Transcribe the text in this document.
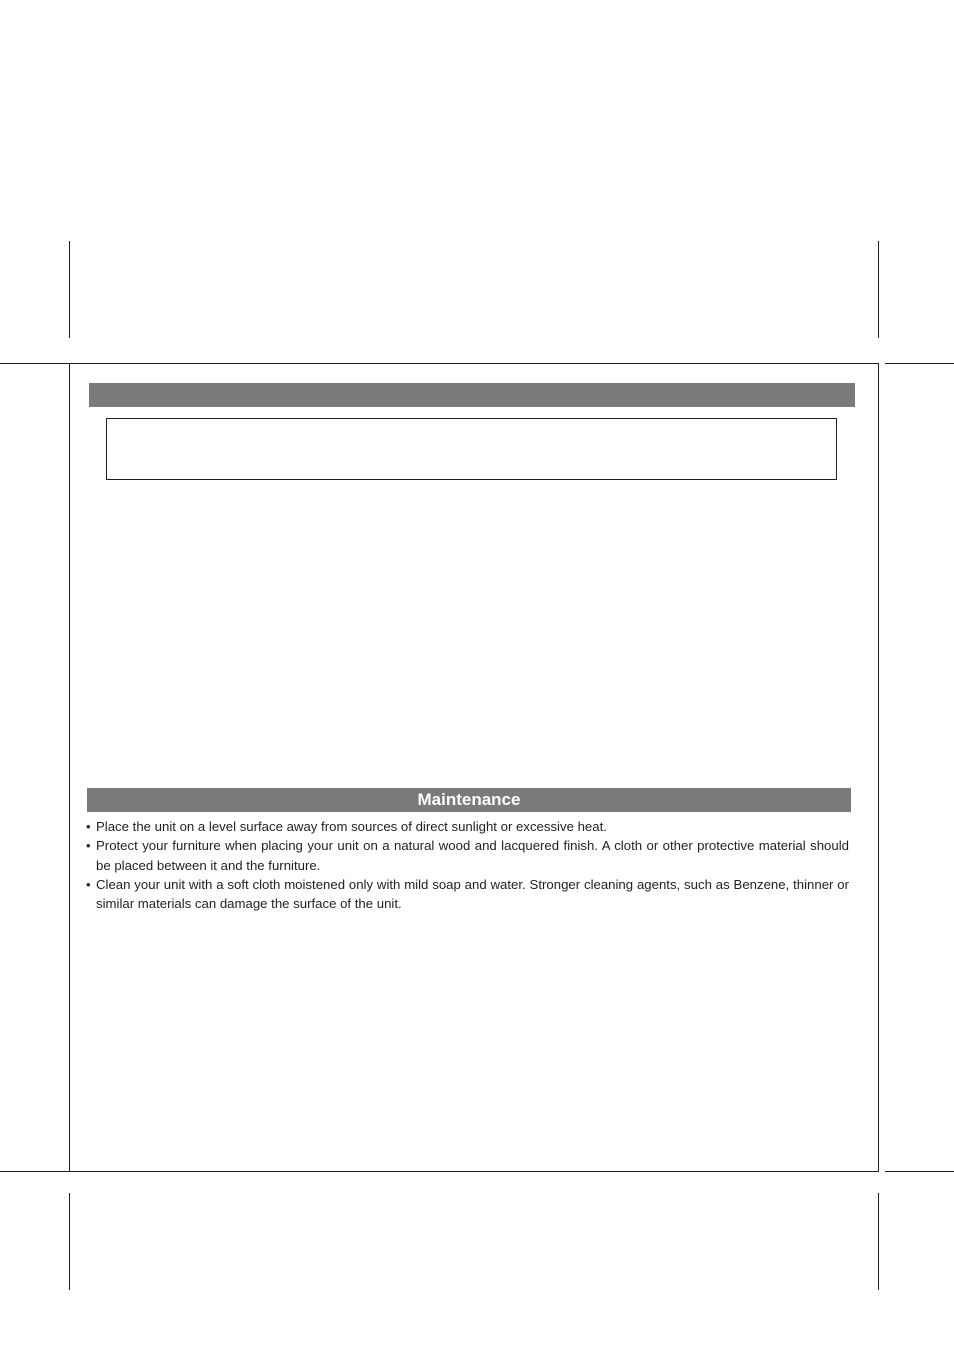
Maintenance
• Place the unit on a level surface away from sources of direct sunlight or excessive heat.
• Protect your furniture when placing your unit on a natural wood and lacquered finish. A cloth or other protective material should be placed between it and the furniture.
• Clean your unit with a soft cloth moistened only with mild soap and water. Stronger cleaning agents, such as Benzene, thinner or similar materials can damage the surface of the unit.
